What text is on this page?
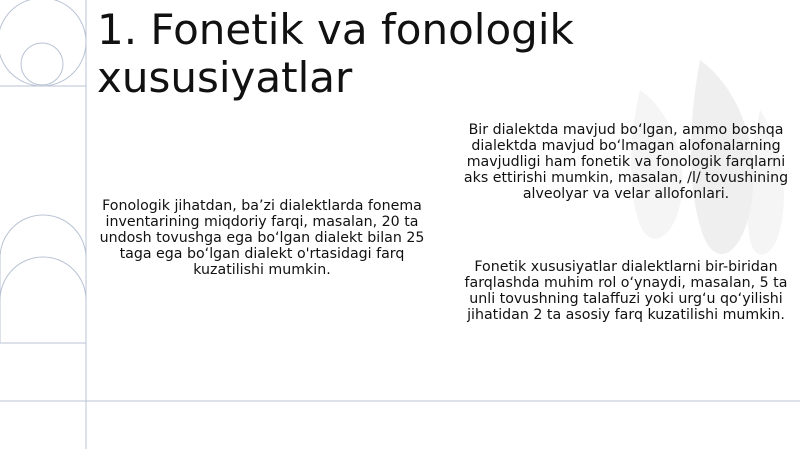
1. Fonetik va fonologik xususiyatlar

Fonologik jihatdan, ba’zi dialektlarda fonema inventarining miqdoriy farqi, masalan, 20 ta undosh tovushga ega bo‘lgan dialekt bilan 25 taga ega bo‘lgan dialekt o'rtasidagi farq kuzatilishi mumkin.

Bir dialektda mavjud bo‘lgan, ammo boshqa dialektda mavjud bo‘lmagan alofonalarning mavjudligi ham fonetik va fonologik farqlarni aks ettirishi mumkin, masalan, /l/ tovushining alveolyar va velar allofonlari.

Fonetik xususiyatlar dialektlarni bir-biridan farqlashda muhim rol o‘ynaydi, masalan, 5 ta unli tovushning talaffuzi yoki urg‘u qo‘yilishi jihatidan 2 ta asosiy farq kuzatilishi mumkin.
